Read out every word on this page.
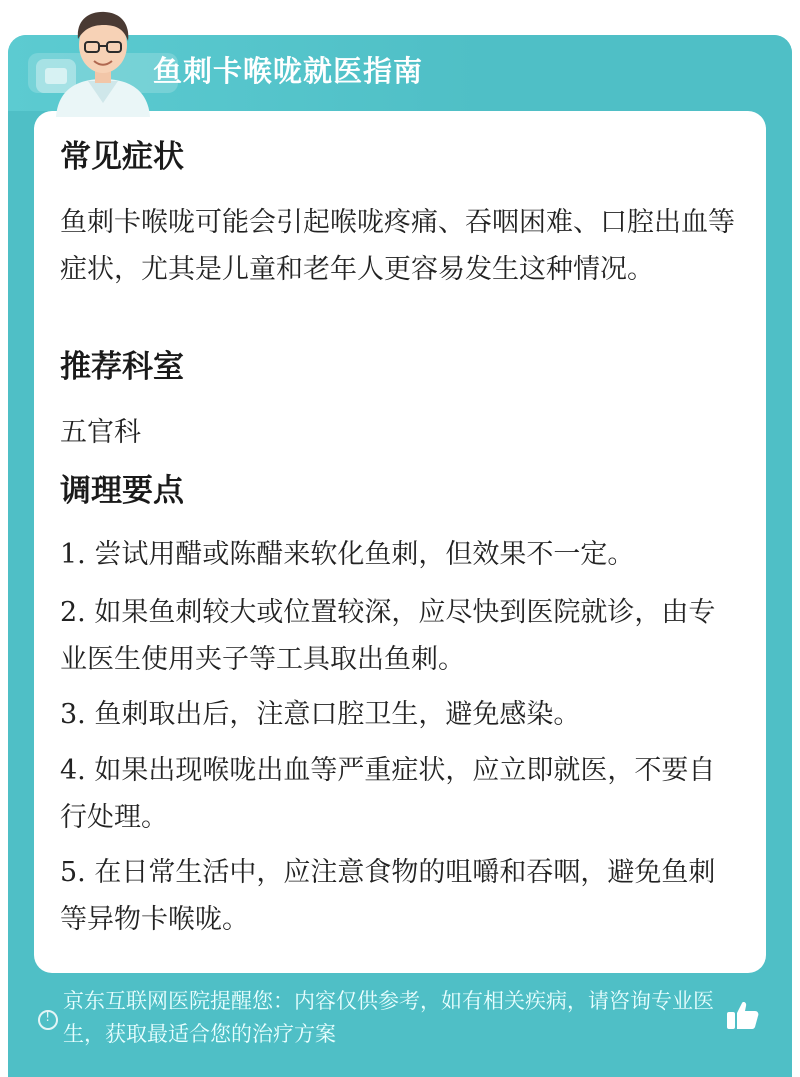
鱼刺卡喉咙就医指南
常见症状
鱼刺卡喉咙可能会引起喉咙疼痛、吞咽困难、口腔出血等症状，尤其是儿童和老年人更容易发生这种情况。
推荐科室
五官科
调理要点
1. 尝试用醋或陈醋来软化鱼刺，但效果不一定。
2. 如果鱼刺较大或位置较深，应尽快到医院就诊，由专业医生使用夹子等工具取出鱼刺。
3. 鱼刺取出后，注意口腔卫生，避免感染。
4. 如果出现喉咙出血等严重症状，应立即就医，不要自行处理。
5. 在日常生活中，应注意食物的咀嚼和吞咽，避免鱼刺等异物卡喉咙。
!
京东互联网医院提醒您：内容仅供参考，如有相关疾病，请咨询专业医生，获取最适合您的治疗方案
